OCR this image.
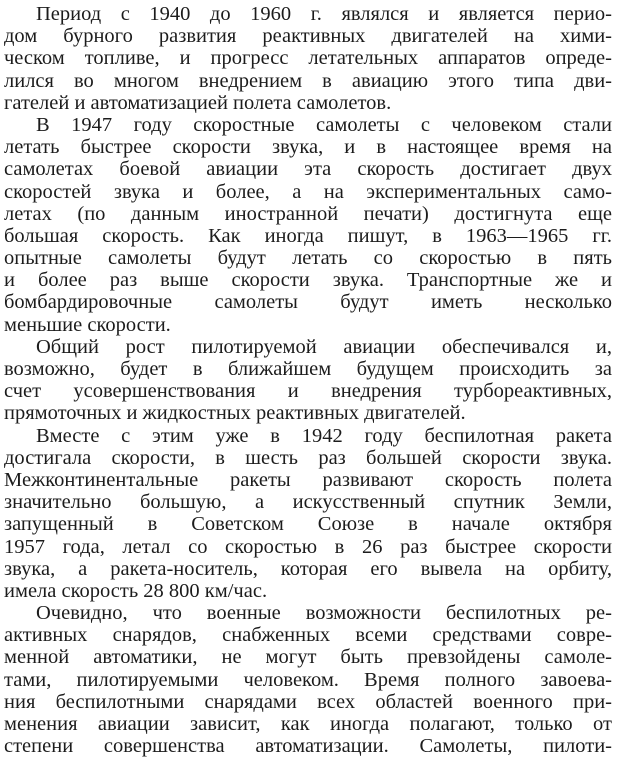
Период с 1940 до 1960 г. являлся и является перио-
дом бурного развития реактивных двигателей на хими-
ческом топливе, и прогресс летательных аппаратов опреде-
лился во многом внедрением в авиацию этого типа дви-
гателей и автоматизацией полета самолетов.
В 1947 году скоростные самолеты с человеком стали
летать быстрее скорости звука, и в настоящее время на
самолетах боевой авиации эта скорость достигает двух
скоростей звука и более, а на экспериментальных само-
летах (по данным иностранной печати) достигнута еще
большая скорость. Как иногда пишут, в 1963—1965 гг.
опытные самолеты будут летать со скоростью в пять
и более раз выше скорости звука. Транспортные же и
бомбардировочные самолеты будут иметь несколько
меньшие скорости.
Общий рост пилотируемой авиации обеспечивался и,
возможно, будет в ближайшем будущем происходить за
счет усовершенствования и внедрения турбореактивных,
прямоточных и жидкостных реактивных двигателей.
Вместе с этим уже в 1942 году беспилотная ракета
достигала скорости, в шесть раз большей скорости звука.
Межконтинентальные ракеты развивают скорость полета
значительно большую, а искусственный спутник Земли,
запущенный в Советском Союзе в начале октября
1957 года, летал со скоростью в 26 раз быстрее скорости
звука, а ракета-носитель, которая его вывела на орбиту,
имела скорость 28 800 км/час.
Очевидно, что военные возможности беспилотных ре-
активных снарядов, снабженных всеми средствами совре-
менной автоматики, не могут быть превзойдены самоле-
тами, пилотируемыми человеком. Время полного завоева-
ния беспилотными снарядами всех областей военного при-
менения авиации зависит, как иногда полагают, только от
степени совершенства автоматизации. Самолеты, пилоти-
